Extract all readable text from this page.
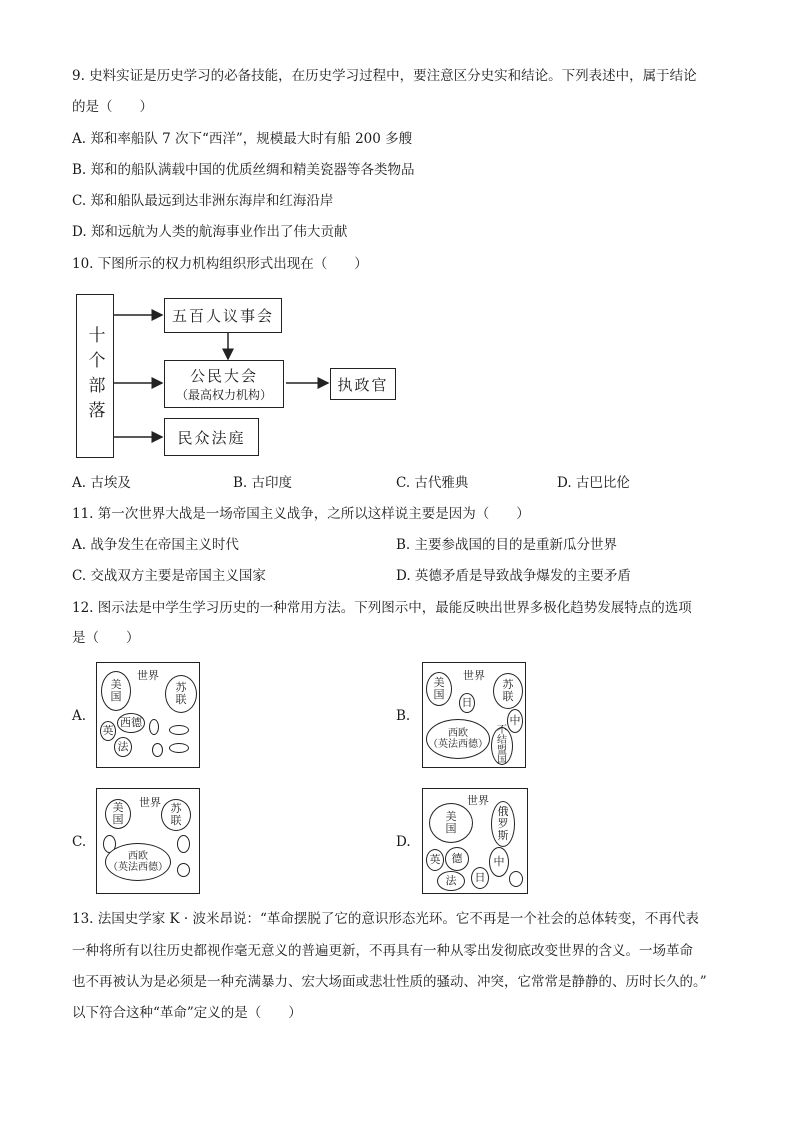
9. 史料实证是历史学习的必备技能，在历史学习过程中，要注意区分史实和结论。下列表述中，属于结论
的是（　　）
A. 郑和率船队 7 次下“西洋”，规模最大时有船 200 多艘
B. 郑和的船队满载中国的优质丝绸和精美瓷器等各类物品
C. 郑和船队最远到达非洲东海岸和红海沿岸
D. 郑和远航为人类的航海事业作出了伟大贡献
10. 下图所示的权力机构组织形式出现在（　　）
十个部落
五百人议事会
公民大会
（最高权力机构）
民众法庭
执政官
A. 古埃及	B. 古印度	C. 古代雅典	D. 古巴比伦
11. 第一次世界大战是一场帝国主义战争，之所以这样说主要是因为（　　）
A. 战争发生在帝国主义时代	B. 主要参战国的目的是重新瓜分世界
C. 交战双方主要是帝国主义国家	D. 英德矛盾是导致战争爆发的主要矛盾
12. 图示法是中学生学习历史的一种常用方法。下列图示中，最能反映出世界多极化趋势发展特点的选项
是（　　）
A.
世界
美国
苏联
西德
英
法
B.
世界
美国
日
苏联
中
西欧
（英法西德）
不结盟国
C.
世界
美国
苏联
西欧
（英法西德）
D.
世界
美国
俄罗斯
英 德
法 日
中
13. 法国史学家 K · 波米昂说：“革命摆脱了它的意识形态光环。它不再是一个社会的总体转变，不再代表
一种将所有以往历史都视作毫无意义的普遍更新，不再具有一种从零出发彻底改变世界的含义。一场革命
也不再被认为是必须是一种充满暴力、宏大场面或悲壮性质的骚动、冲突，它常常是静静的、历时长久的。”
以下符合这种“革命”定义的是（　　）
